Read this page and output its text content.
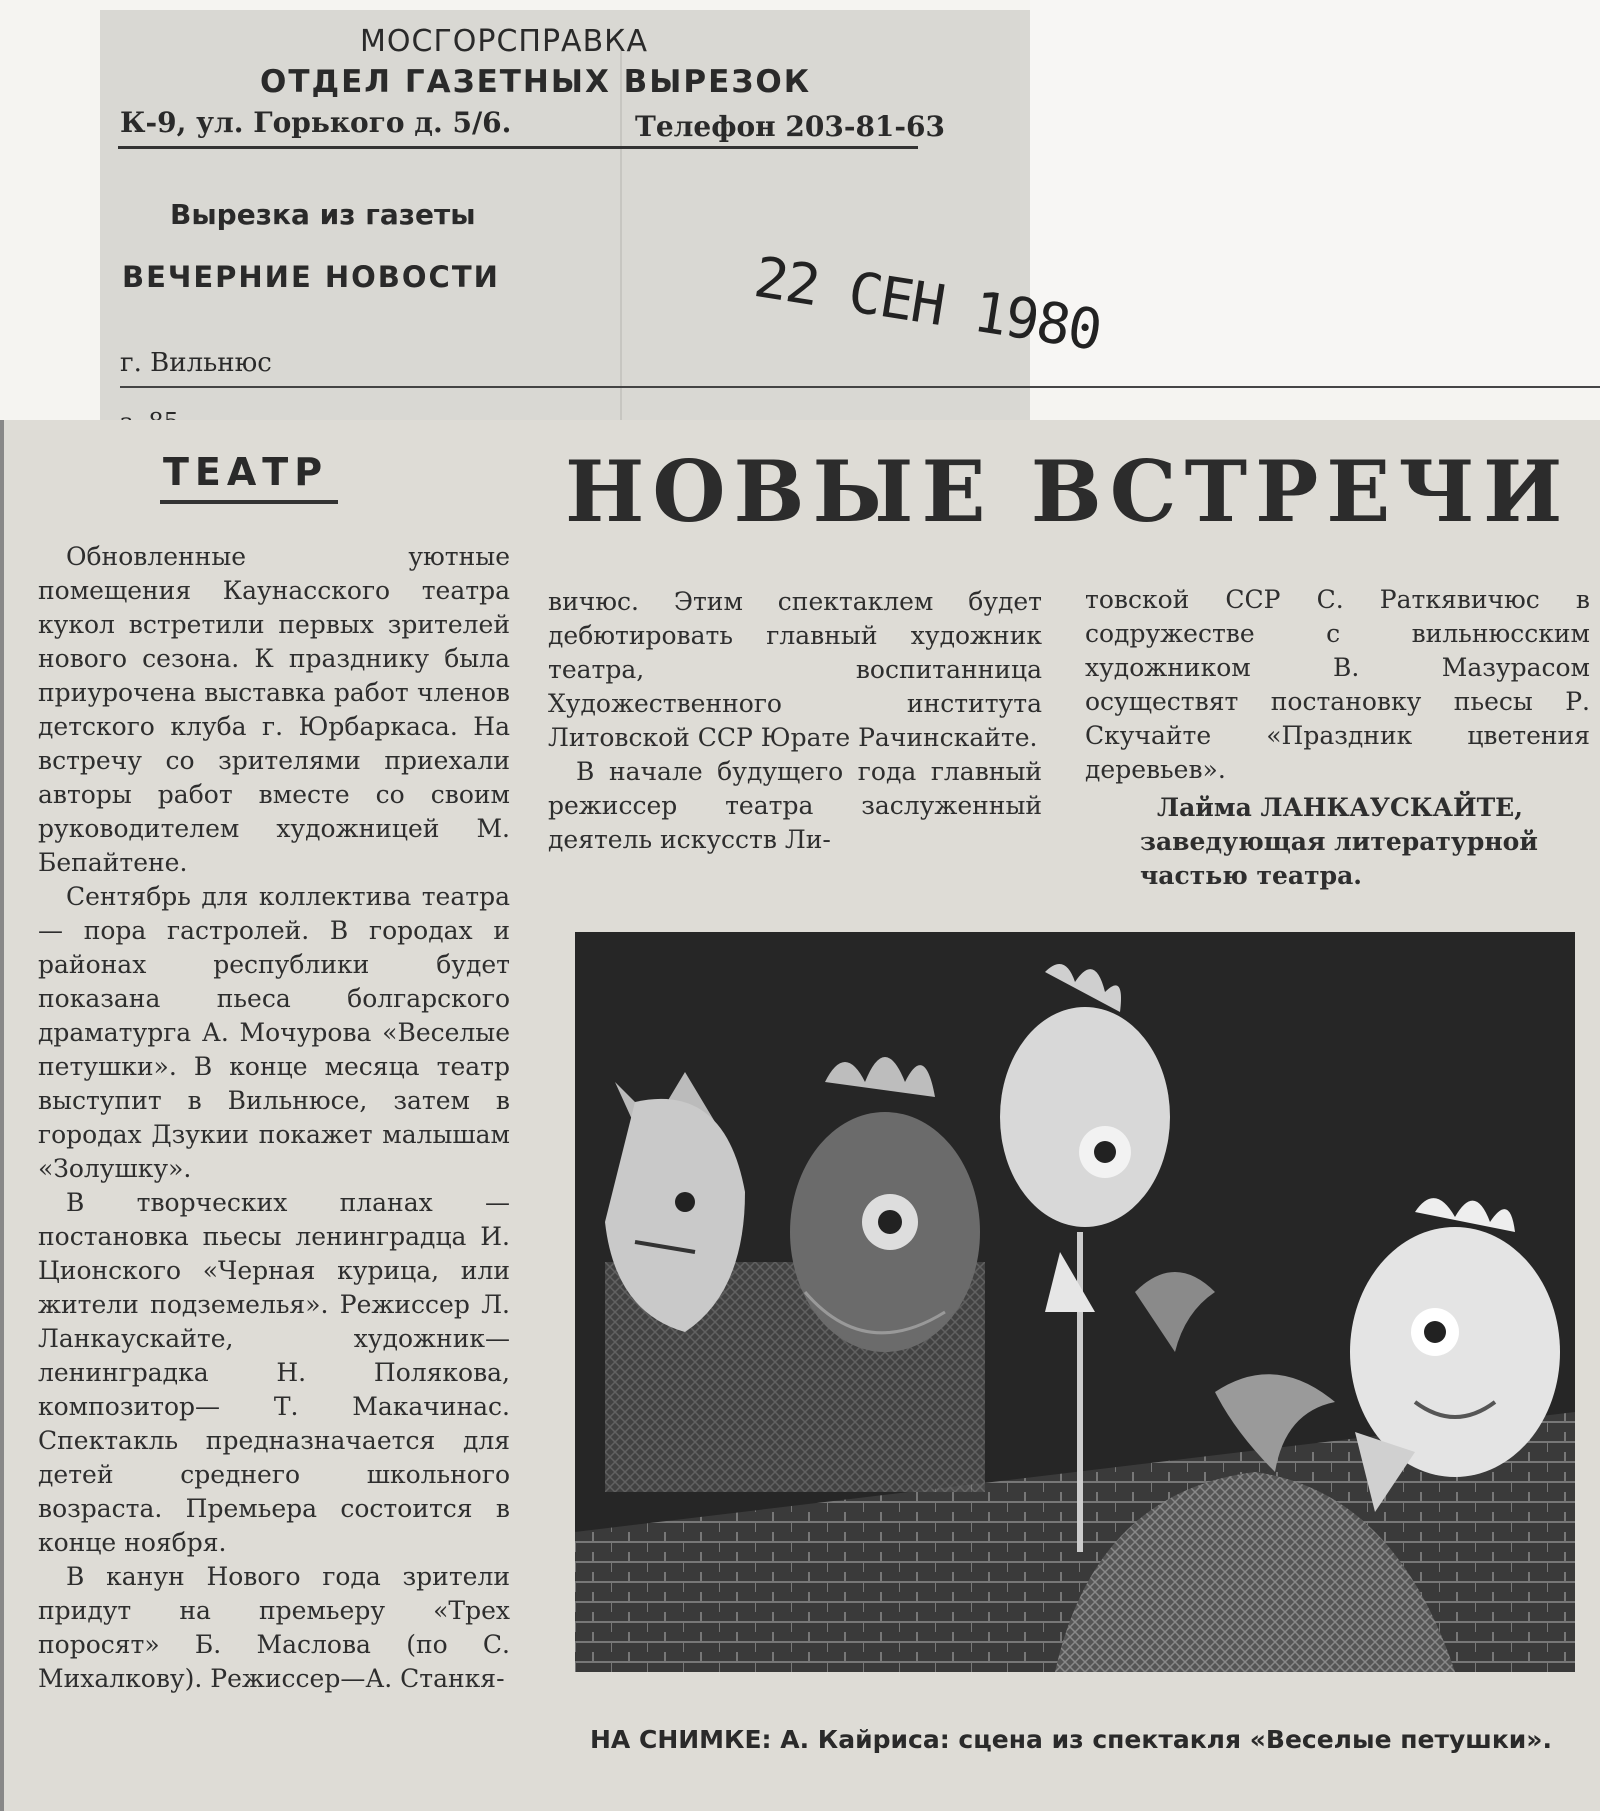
МОСГОРСПРАВКА
ОТДЕЛ ГАЗЕТНЫХ ВЫРЕЗОК
К-9, ул. Горького д. 5/6.	Телефон 203-81-63
Вырезка из газеты
ВЕЧЕРНИЕ НОВОСТИ
г. Вильнюс	22 СЕН 1980
ТЕАТР	НОВЫЕ ВСТРЕЧИ

Обновленные уютные помещения Каунасского театра кукол встретили первых зрителей нового сезона. К празднику была приурочена выставка работ членов детского клуба г. Юрбаркаса. На встречу со зрителями приехали авторы работ вместе со своим руководителем художницей М. Бепайтене.

Сентябрь для коллектива театра — пора гастролей. В городах и районах республики будет показана пьеса болгарского драматурга А. Мочурова «Веселые петушки». В конце месяца театр выступит в Вильнюсе, затем в городах Дзукии покажет малышам «Золушку».

В творческих планах —постановка пьесы ленинградца И. Ционского «Черная курица, или жители подземелья». Режиссер Л. Ланкаускайте, художник—ленинградка Н. Полякова, композитор— Т. Макачинас. Спектакль предназначается для детей среднего школьного возраста. Премьера состоится в конце ноября.

В канун Нового года зрители придут на премьеру «Трех поросят» Б. Маслова (по С. Михалкову). Режиссер—А. Станкя-

вичюс. Этим спектаклем будет дебютировать главный художник театра, воспитанница Художественного института Литовской ССР Юрате Рачинскайте.

В начале будущего года главный режиссер театра заслуженный деятель искусств Ли-

товской ССР С. Раткявичюс в содружестве с вильнюсским художником В. Мазурасом осуществят постановку пьесы Р. Скучайте «Праздник цветения деревьев».

Лайма ЛАНКАУСКАЙТЕ,
заведующая литературной частью театра.
НА СНИМКЕ: А. Кайриса: сцена из спектакля «Веселые петушки».
